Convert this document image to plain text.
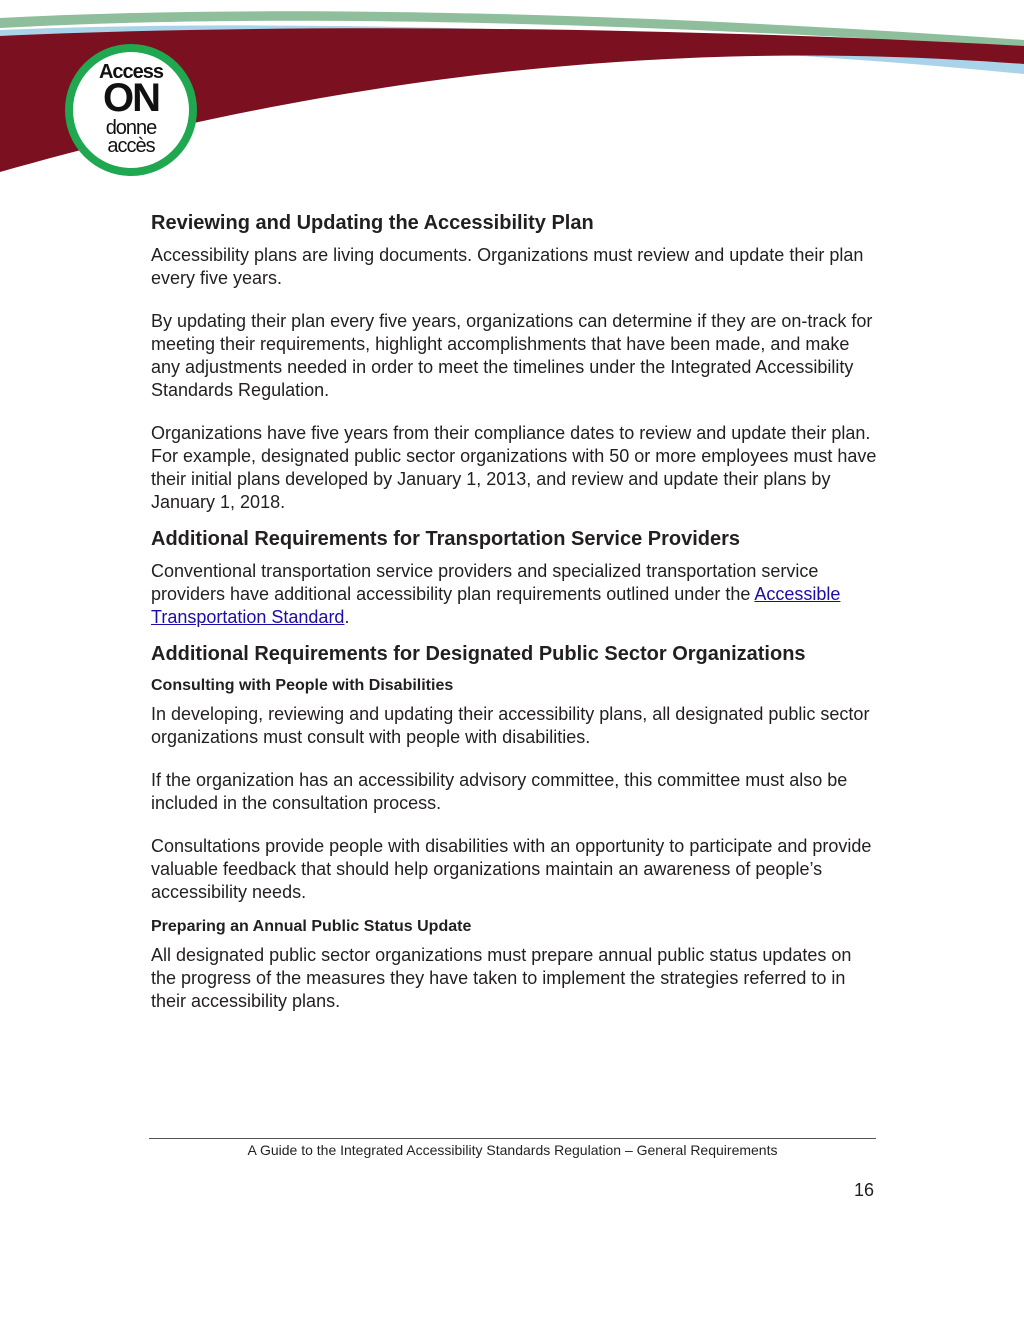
Access
ON
donne
accès
Reviewing and Updating the Accessibility Plan

Accessibility plans are living documents. Organizations must review and update their plan every five years.

By updating their plan every five years, organizations can determine if they are on-track for meeting their requirements, highlight accomplishments that have been made, and make any adjustments needed in order to meet the timelines under the Integrated Accessibility Standards Regulation.

Organizations have five years from their compliance dates to review and update their plan. For example, designated public sector organizations with 50 or more employees must have their initial plans developed by January 1, 2013, and review and update their plans by January 1, 2018.

Additional Requirements for Transportation Service Providers

Conventional transportation service providers and specialized transportation service providers have additional accessibility plan requirements outlined under the Accessible Transportation Standard.

Additional Requirements for Designated Public Sector Organizations
Consulting with People with Disabilities

In developing, reviewing and updating their accessibility plans, all designated public sector organizations must consult with people with disabilities.

If the organization has an accessibility advisory committee, this committee must also be included in the consultation process.

Consultations provide people with disabilities with an opportunity to participate and provide valuable feedback that should help organizations maintain an awareness of people’s accessibility needs.

Preparing an Annual Public Status Update

All designated public sector organizations must prepare annual public status updates on the progress of the measures they have taken to implement the strategies referred to in their accessibility plans.

A Guide to the Integrated Accessibility Standards Regulation – General Requirements
16
